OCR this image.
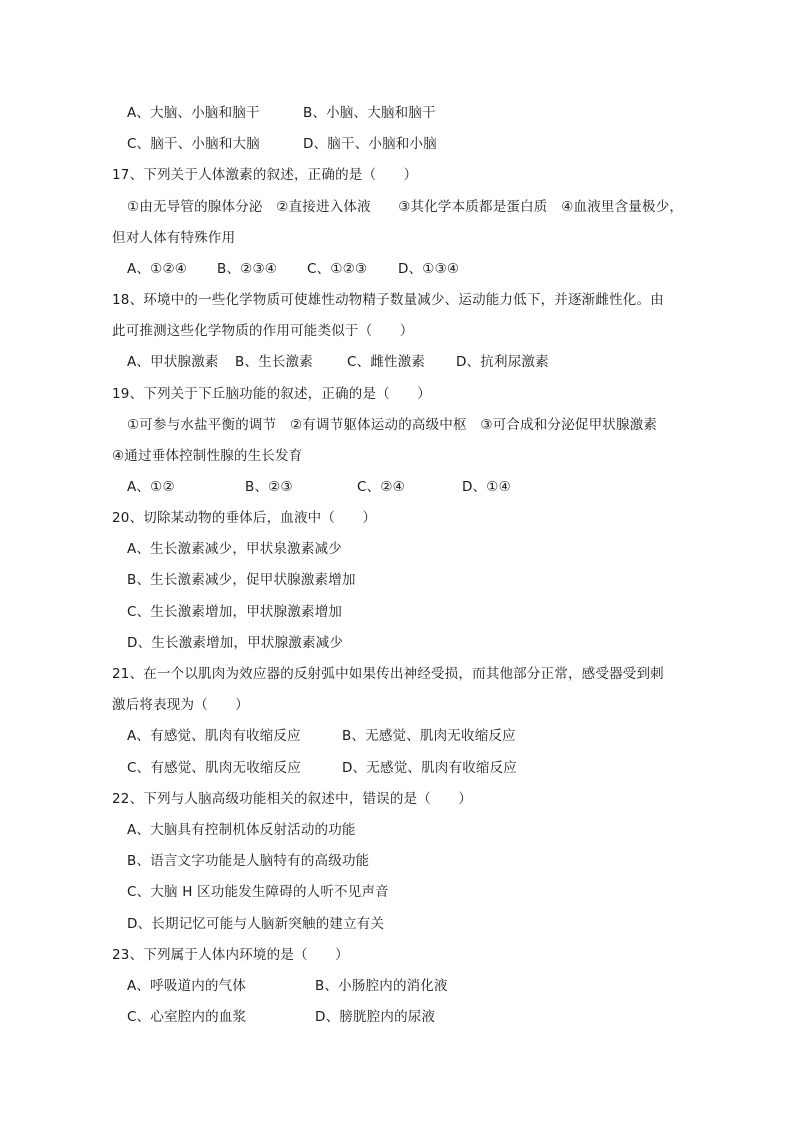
A、大脑、小脑和脑干	B、小脑、大脑和脑干
C、脑干、小脑和大脑	D、脑干、小脑和小脑
17、下列关于人体激素的叙述，正确的是（　　）
①由无导管的腺体分泌　②直接进入体液　　③其化学本质都是蛋白质　④血液里含量极少，
但对人体有特殊作用
A、①②④ B、②③④ C、①②③ D、①③④
18、环境中的一些化学物质可使雄性动物精子数量减少、运动能力低下，并逐渐雌性化。由
此可推测这些化学物质的作用可能类似于（　　）
A、甲状腺激素 B、生长激素	C、雌性激素 D、抗利尿激素
19、下列关于下丘脑功能的叙述，正确的是（　　）
①可参与水盐平衡的调节　②有调节躯体运动的高级中枢　③可合成和分泌促甲状腺激素
④通过垂体控制性腺的生长发育
A、①②	B、②③	C、②④	D、①④
20、切除某动物的垂体后，血液中（　　）
A、生长激素减少，甲状泉激素减少
B、生长激素减少，促甲状腺激素增加
C、生长激素增加，甲状腺激素增加
D、生长激素增加，甲状腺激素减少
21、在一个以肌肉为效应器的反射弧中如果传出神经受损，而其他部分正常，感受器受到刺
激后将表现为（　　）
A、有感觉、肌肉有收缩反应	B、无感觉、肌肉无收缩反应
C、有感觉、肌肉无收缩反应	D、无感觉、肌肉有收缩反应
22、下列与人脑高级功能相关的叙述中，错误的是（　　）
A、大脑具有控制机体反射活动的功能
B、语言文字功能是人脑特有的高级功能
C、大脑 H 区功能发生障碍的人听不见声音
D、长期记忆可能与人脑新突触的建立有关
23、下列属于人体内环境的是（　　）
A、呼吸道内的气体	B、小肠腔内的消化液
C、心室腔内的血浆	D、膀胱腔内的尿液
